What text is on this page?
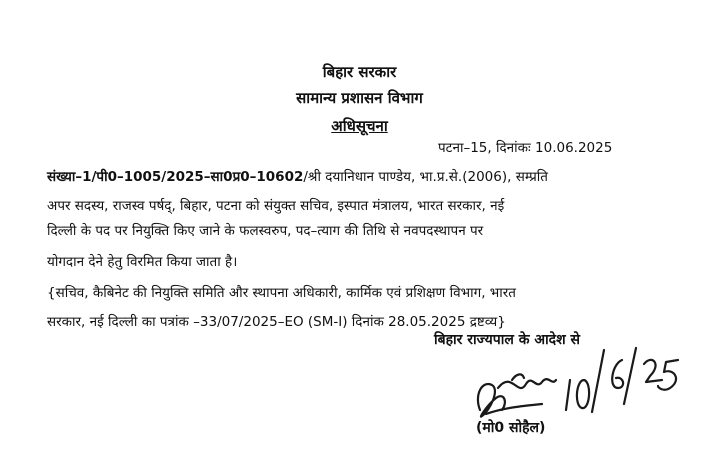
बिहार सरकार
सामान्य प्रशासन विभाग
अधिसूचना
पटना–15, दिनांकः 10.06.2025
संख्या–1/पी0–1005/2025–सा0प्र0–10602/श्री दयानिधान पाण्डेय, भा.प्र.से.(2006), सम्प्रति
अपर सदस्य, राजस्व पर्षद्, बिहार, पटना को संयुक्त सचिव, इस्पात मंत्रालय, भारत सरकार, नई
दिल्ली के पद पर नियुक्ति किए जाने के फलस्वरुप, पद–त्याग की तिथि से नवपदस्थापन पर
योगदान देने हेतु विरमित किया जाता है।
{सचिव, कैबिनेट की नियुक्ति समिति और स्थापना अधिकारी, कार्मिक एवं प्रशिक्षण विभाग, भारत
सरकार, नई दिल्ली का पत्रांक –33/07/2025–EO (SM-I) दिनांक 28.05.2025 द्रष्टव्य}
बिहार राज्यपाल के आदेश से
(मो0 सोहैल)
